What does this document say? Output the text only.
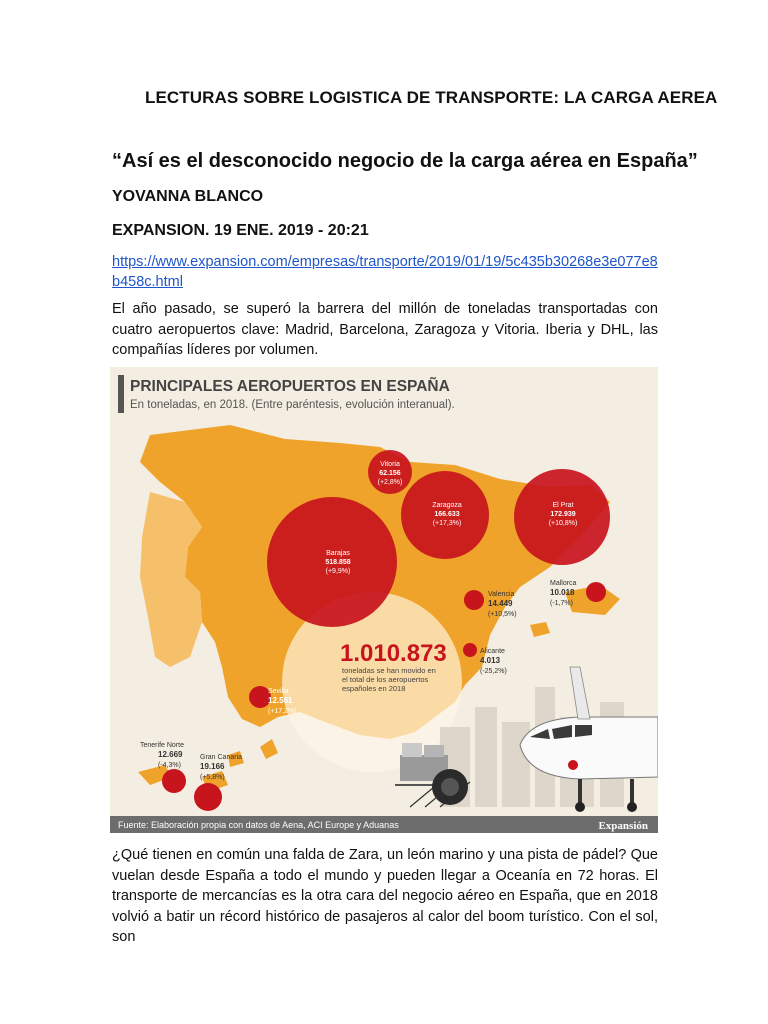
LECTURAS SOBRE LOGISTICA DE TRANSPORTE: LA CARGA AEREA
“Así es el desconocido negocio de la carga aérea en España”
YOVANNA BLANCO
EXPANSION. 19 ENE. 2019 - 20:21
https://www.expansion.com/empresas/transporte/2019/01/19/5c435b30268e3e077e8b458c.html
El año pasado, se superó la barrera del millón de toneladas transportadas con cuatro aeropuertos clave: Madrid, Barcelona, Zaragoza y Vitoria. Iberia y DHL, las compañías líderes por volumen.
PRINCIPALES AEROPUERTOS EN ESPAÑA
En toneladas, en 2018. (Entre paréntesis, evolución interanual).
Vitoria
62.156
(+2,8%)
Zaragoza
166.633
(+17,3%)
El Prat
172.939
(+10,8%)
Barajas
518.858
(+9,9%)
Valencia
14.449
(+10,5%)
Mallorca
10.018
(-1,7%)
Alicante
4.013
(-25,2%)
Sevilla
12.561
(+17,2%)
Tenerife Norte
12.669
(-4,3%)
Gran Canaria
19.166
(+5,8%)
1.010.873
toneladas se han movido en
el total de los aeropuertos
españoles en 2018
Fuente: Elaboración propia con datos de Aena, ACI Europe y Aduanas	Expansión
¿Qué tienen en común una falda de Zara, un león marino y una pista de pádel? Que vuelan desde España a todo el mundo y pueden llegar a Oceanía en 72 horas. El transporte de mercancías es la otra cara del negocio aéreo en España, que en 2018 volvió a batir un récord histórico de pasajeros al calor del boom turístico. Con el sol, son
